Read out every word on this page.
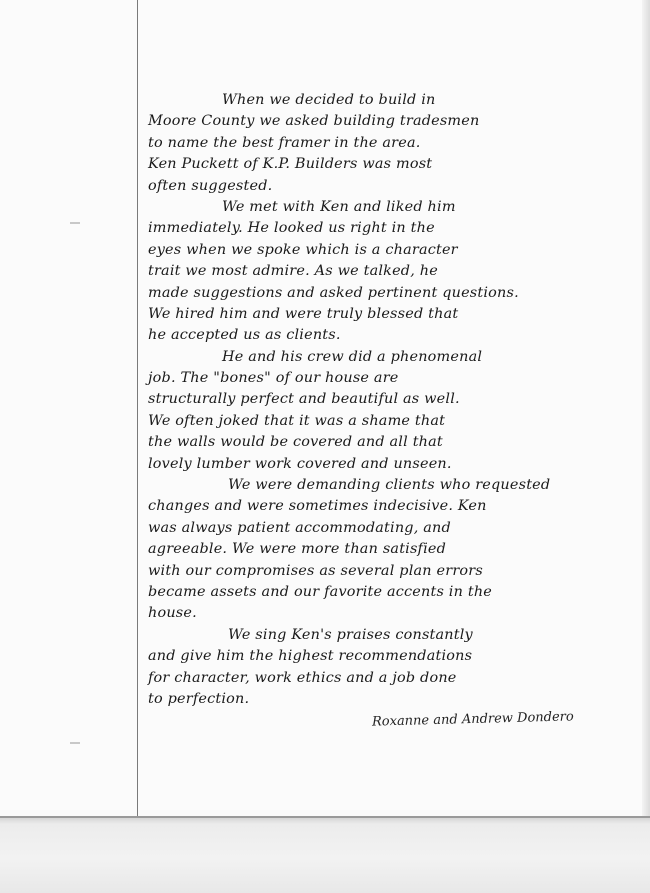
When we decided to build in
Moore County we asked building tradesmen
to name the best framer in the area.
Ken Puckett of K.P. Builders was most
often suggested.
We met with Ken and liked him
immediately. He looked us right in the
eyes when we spoke which is a character
trait we most admire. As we talked, he
made suggestions and asked pertinent questions.
We hired him and were truly blessed that
he accepted us as clients.
He and his crew did a phenomenal
job. The "bones" of our house are
structurally perfect and beautiful as well.
We often joked that it was a shame that
the walls would be covered and all that
lovely lumber work covered and unseen.
We were demanding clients who requested
changes and were sometimes indecisive. Ken
was always patient accommodating, and
agreeable. We were more than satisfied
with our compromises as several plan errors
became assets and our favorite accents in the
house.
We sing Ken's praises constantly
and give him the highest recommendations
for character, work ethics and a job done
to perfection.
Roxanne and Andrew Dondero
